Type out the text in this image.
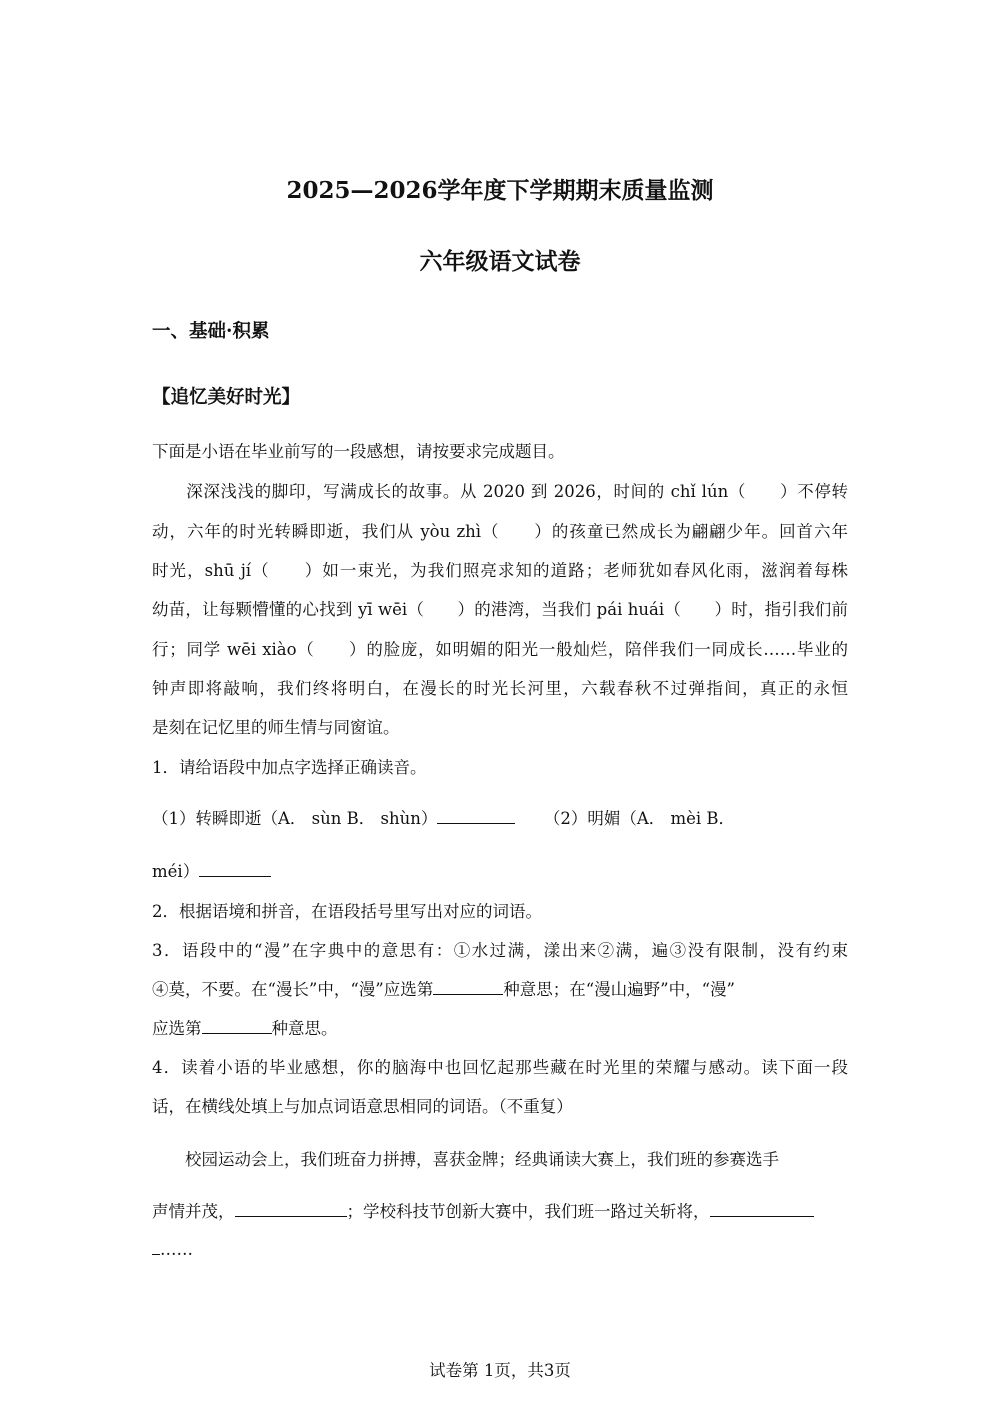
2025—2026学年度下学期期末质量监测
六年级语文试卷
一、基础·积累
【追忆美好时光】
下面是小语在毕业前写的一段感想，请按要求完成题目。
　　深深浅浅的脚印，写满成长的故事。从 2020 到 2026，时间的 chǐ lún（　　）不停转
动，六年的时光转瞬即逝，我们从 yòu zhì（　　）的孩童已然成长为翩翩少年。回首六年
时光，shū jí（　　）如一束光，为我们照亮求知的道路；老师犹如春风化雨，滋润着每株
幼苗，让每颗懵懂的心找到 yī wēi（　　）的港湾，当我们 pái huái（　　）时，指引我们前
行；同学 wēi xiào（　　）的脸庞，如明媚的阳光一般灿烂，陪伴我们一同成长……毕业的
钟声即将敲响，我们终将明白，在漫长的时光长河里，六载春秋不过弹指间，真正的永恒
是刻在记忆里的师生情与同窗谊。
1．请给语段中加点字选择正确读音。
（1）转瞬即逝（A． sùn B． shùn）	（2）明媚（A． mèi B．
méi）
2．根据语境和拼音，在语段括号里写出对应的词语。
3．语段中的“漫”在字典中的意思有：①水过满，漾出来②满，遍③没有限制，没有约束
④莫，不要。在“漫长”中，“漫”应选第	种意思；在“漫山遍野”中，“漫”
应选第	种意思。
4．读着小语的毕业感想，你的脑海中也回忆起那些藏在时光里的荣耀与感动。读下面一段
话，在横线处填上与加点词语意思相同的词语。（不重复）
　　校园运动会上，我们班奋力拼搏，喜获金牌；经典诵读大赛上，我们班的参赛选手
声情并茂，	；学校科技节创新大赛中，我们班一路过关斩将，
……
试卷第 1页，共3页
